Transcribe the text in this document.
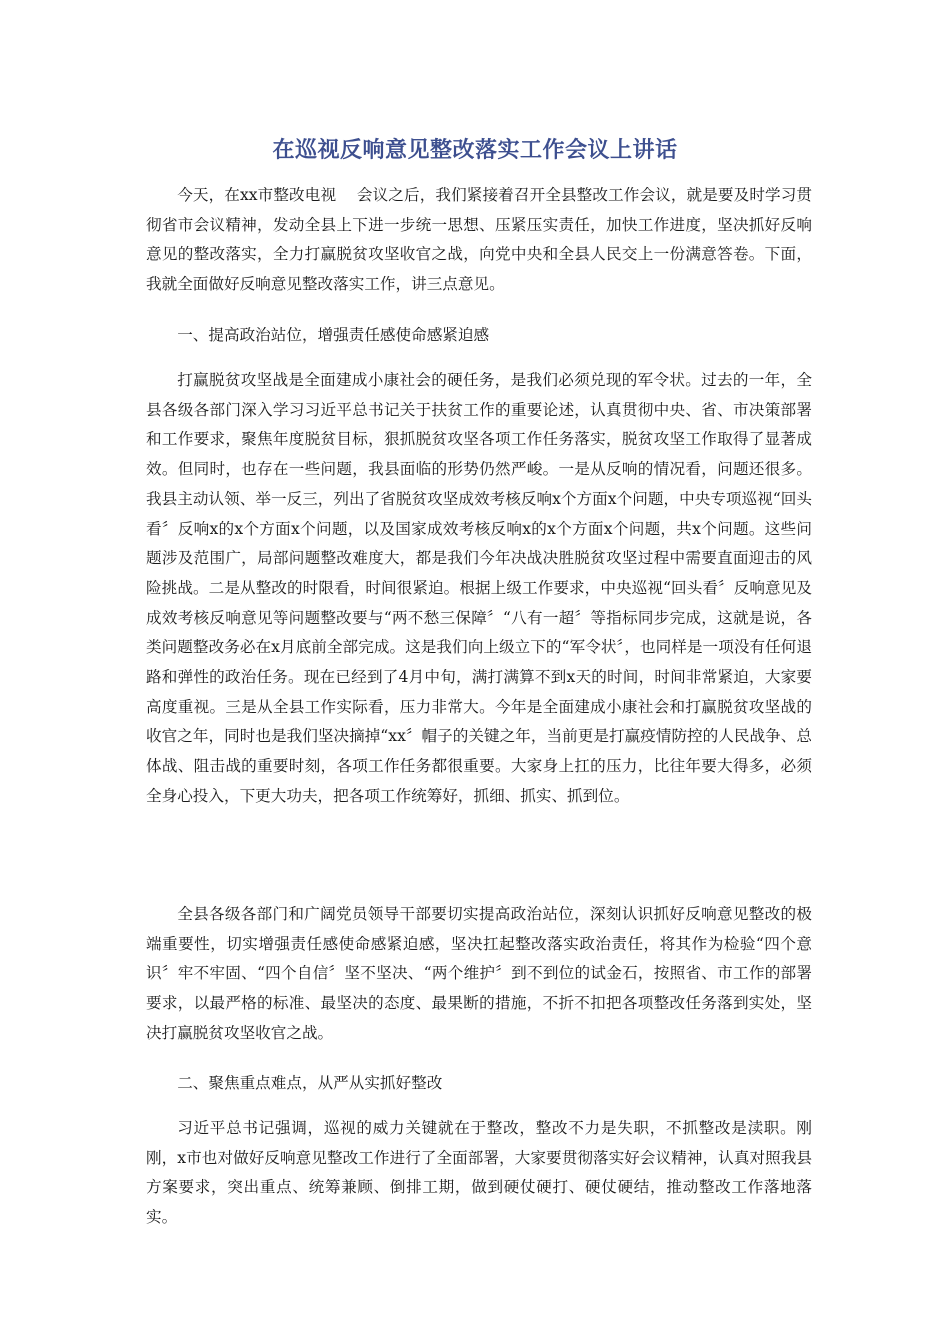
在巡视反响意见整改落实工作会议上讲话

今天，在xx市整改电视　 会议之后，我们紧接着召开全县整改工作会议，就是要及时学习贯彻省市会议精神，发动全县上下进一步统一思想、压紧压实责任，加快工作进度，坚决抓好反响意见的整改落实，全力打赢脱贫攻坚收官之战，向党中央和全县人民交上一份满意答卷。下面，我就全面做好反响意见整改落实工作，讲三点意见。

一、提高政治站位，增强责任感使命感紧迫感

打赢脱贫攻坚战是全面建成小康社会的硬任务，是我们必须兑现的军令状。过去的一年，全县各级各部门深入学习习近平总书记关于扶贫工作的重要论述，认真贯彻中央、省、市决策部署和工作要求，聚焦年度脱贫目标，狠抓脱贫攻坚各项工作任务落实，脱贫攻坚工作取得了显著成效。但同时，也存在一些问题，我县面临的形势仍然严峻。一是从反响的情况看，问题还很多。我县主动认领、举一反三，列出了省脱贫攻坚成效考核反响x个方面x个问题，中央专项巡视“回头看〞反响x的x个方面x个问题，以及国家成效考核反响x的x个方面x个问题，共x个问题。这些问题涉及范围广，局部问题整改难度大，都是我们今年决战决胜脱贫攻坚过程中需要直面迎击的风险挑战。二是从整改的时限看，时间很紧迫。根据上级工作要求，中央巡视“回头看〞反响意见及成效考核反响意见等问题整改要与“两不愁三保障〞“八有一超〞等指标同步完成，这就是说，各类问题整改务必在x月底前全部完成。这是我们向上级立下的“军令状〞，也同样是一项没有任何退路和弹性的政治任务。现在已经到了4月中旬，满打满算不到x天的时间，时间非常紧迫，大家要高度重视。三是从全县工作实际看，压力非常大。今年是全面建成小康社会和打赢脱贫攻坚战的收官之年，同时也是我们坚决摘掉“xx〞帽子的关键之年，当前更是打赢疫情防控的人民战争、总体战、阻击战的重要时刻，各项工作任务都很重要。大家身上扛的压力，比往年要大得多，必须全身心投入，下更大功夫，把各项工作统筹好，抓细、抓实、抓到位。

全县各级各部门和广阔党员领导干部要切实提高政治站位，深刻认识抓好反响意见整改的极端重要性，切实增强责任感使命感紧迫感，坚决扛起整改落实政治责任，将其作为检验“四个意识〞牢不牢固、“四个自信〞坚不坚决、“两个维护〞到不到位的试金石，按照省、市工作的部署要求，以最严格的标准、最坚决的态度、最果断的措施，不折不扣把各项整改任务落到实处，坚决打赢脱贫攻坚收官之战。

二、聚焦重点难点，从严从实抓好整改

习近平总书记强调，巡视的威力关键就在于整改，整改不力是失职，不抓整改是渎职。刚刚，x市也对做好反响意见整改工作进行了全面部署，大家要贯彻落实好会议精神，认真对照我县方案要求，突出重点、统筹兼顾、倒排工期，做到硬仗硬打、硬仗硬结，推动整改工作落地落实。
